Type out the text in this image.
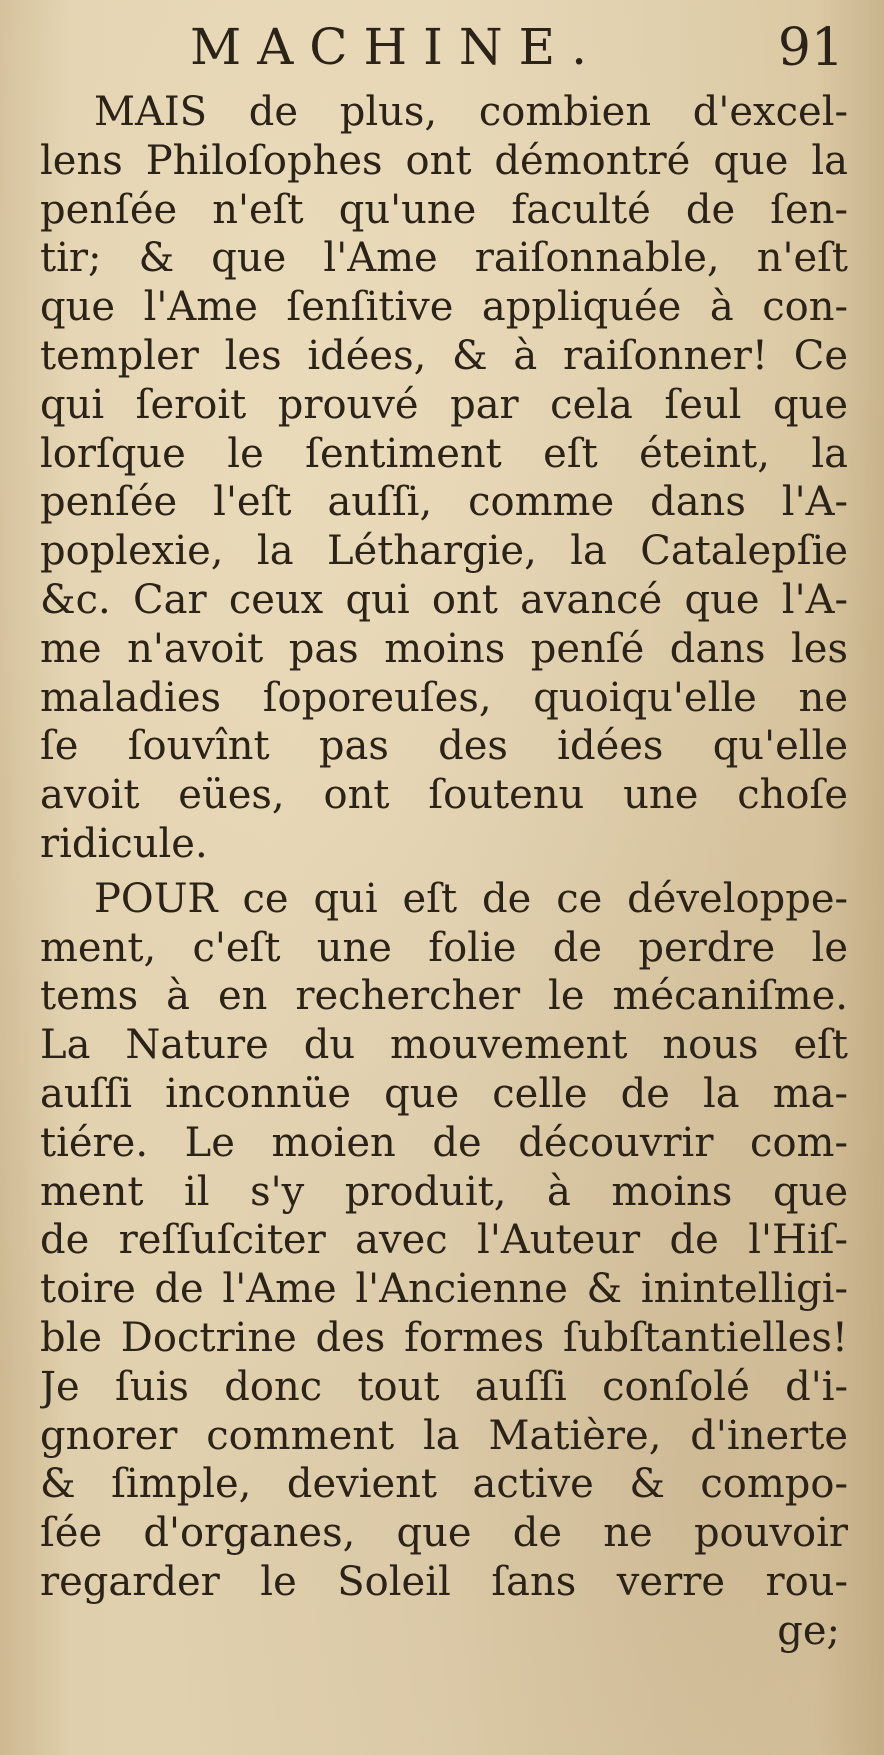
MACHINE.	91
MAIS de plus, combien d'excel-
lens Philoſophes ont démontré que la
penſée n'eſt qu'une faculté de ſen-
tir; & que l'Ame raiſonnable, n'eſt
que l'Ame ſenſitive appliquée à con-
templer les idées, & à raiſonner! Ce
qui ſeroit prouvé par cela ſeul que
lorſque le ſentiment eſt éteint, la
penſée l'eſt auſſi, comme dans l'A-
poplexie, la Léthargie, la Catalepſie
&c. Car ceux qui ont avancé que l'A-
me n'avoit pas moins penſé dans les
maladies ſoporeuſes, quoiqu'elle ne
ſe ſouvînt pas des idées qu'elle
avoit eües, ont ſoutenu une choſe
ridicule.
POUR ce qui eſt de ce développe-
ment, c'eſt une folie de perdre le
tems à en rechercher le mécaniſme.
La Nature du mouvement nous eſt
auſſi inconnüe que celle de la ma-
tiére. Le moien de découvrir com-
ment il s'y produit, à moins que
de reſſuſciter avec l'Auteur de l'Hiſ-
toire de l'Ame l'Ancienne & inintelligi-
ble Doctrine des formes ſubſtantielles!
Je ſuis donc tout auſſi conſolé d'i-
gnorer comment la Matière, d'inerte
& ſimple, devient active & compo-
ſée d'organes, que de ne pouvoir
regarder le Soleil ſans verre rou-
ge;
